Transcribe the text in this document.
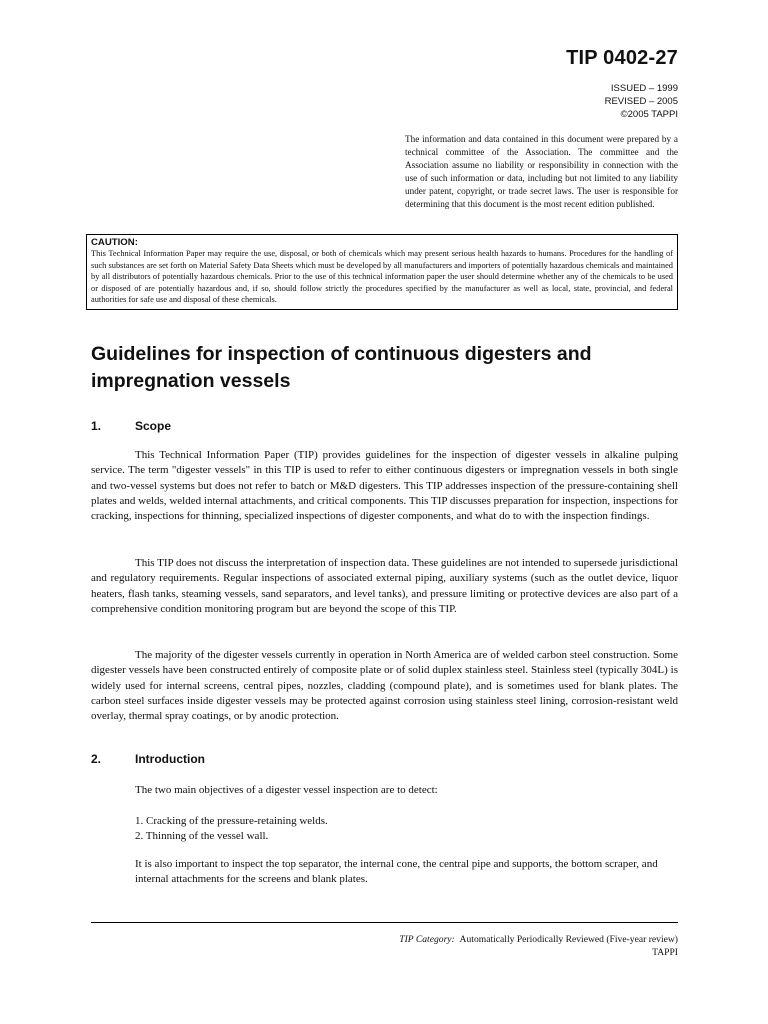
TIP 0402-27
ISSUED – 1999
REVISED – 2005
©2005 TAPPI
The information and data contained in this document were prepared by a technical committee of the Association. The committee and the Association assume no liability or responsibility in connection with the use of such information or data, including but not limited to any liability under patent, copyright, or trade secret laws. The user is responsible for determining that this document is the most recent edition published.
CAUTION:
This Technical Information Paper may require the use, disposal, or both of chemicals which may present serious health hazards to humans. Procedures for the handling of such substances are set forth on Material Safety Data Sheets which must be developed by all manufacturers and importers of potentially hazardous chemicals and maintained by all distributors of potentially hazardous chemicals. Prior to the use of this technical information paper the user should determine whether any of the chemicals to be used or disposed of are potentially hazardous and, if so, should follow strictly the procedures specified by the manufacturer as well as local, state, provincial, and federal authorities for safe use and disposal of these chemicals.
Guidelines for inspection of continuous digesters and impregnation vessels
1.	Scope
This Technical Information Paper (TIP) provides guidelines for the inspection of digester vessels in alkaline pulping service. The term "digester vessels" in this TIP is used to refer to either continuous digesters or impregnation vessels in both single and two-vessel systems but does not refer to batch or M&D digesters. This TIP addresses inspection of the pressure-containing shell plates and welds, welded internal attachments, and critical components. This TIP discusses preparation for inspection, inspections for cracking, inspections for thinning, specialized inspections of digester components, and what do to with the inspection findings.
This TIP does not discuss the interpretation of inspection data. These guidelines are not intended to supersede jurisdictional and regulatory requirements. Regular inspections of associated external piping, auxiliary systems (such as the outlet device, liquor heaters, flash tanks, steaming vessels, sand separators, and level tanks), and pressure limiting or protective devices are also part of a comprehensive condition monitoring program but are beyond the scope of this TIP.
The majority of the digester vessels currently in operation in North America are of welded carbon steel construction. Some digester vessels have been constructed entirely of composite plate or of solid duplex stainless steel. Stainless steel (typically 304L) is widely used for internal screens, central pipes, nozzles, cladding (compound plate), and is sometimes used for blank plates. The carbon steel surfaces inside digester vessels may be protected against corrosion using stainless steel lining, corrosion-resistant weld overlay, thermal spray coatings, or by anodic protection.
2.	Introduction
The two main objectives of a digester vessel inspection are to detect:
1. Cracking of the pressure-retaining welds.
2. Thinning of the vessel wall.
It is also important to inspect the top separator, the internal cone, the central pipe and supports, the bottom scraper, and internal attachments for the screens and blank plates.
TIP Category: Automatically Periodically Reviewed (Five-year review)
TAPPI
